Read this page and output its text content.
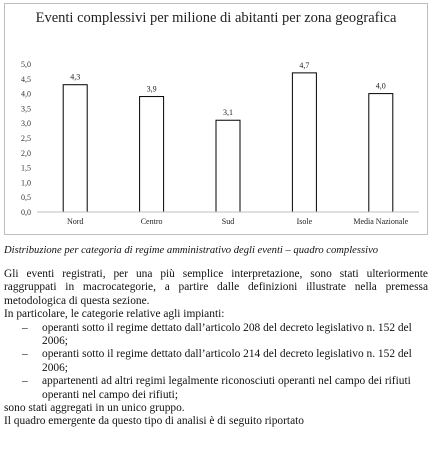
Eventi complessivi per milione di abitanti per zona geografica
0,0
0,5
1,0
1,5
2,0
2,5
3,0
3,5
4,0
4,5
5,0
4,3
Nord
3,9
Centro
3,1
Sud
4,7
Isole
4,0
Media Nazionale
Distribuzione per categoria di regime amministrativo degli eventi – quadro complessivo

Gli eventi registrati, per una più semplice interpretazione, sono stati ulteriormente raggruppati in macrocategorie, a partire dalle definizioni illustrate nella premessa metodologica di questa sezione.

In particolare, le categorie relative agli impianti:

– operanti sotto il regime dettato dall’articolo 208 del decreto legislativo n. 152 del 2006;
– operanti sotto il regime dettato dall’articolo 214 del decreto legislativo n. 152 del 2006;
– appartenenti ad altri regimi legalmente riconosciuti operanti nel campo dei rifiuti operanti nel campo dei rifiuti;

sono stati aggregati in un unico gruppo.

Il quadro emergente da questo tipo di analisi è di seguito riportato
